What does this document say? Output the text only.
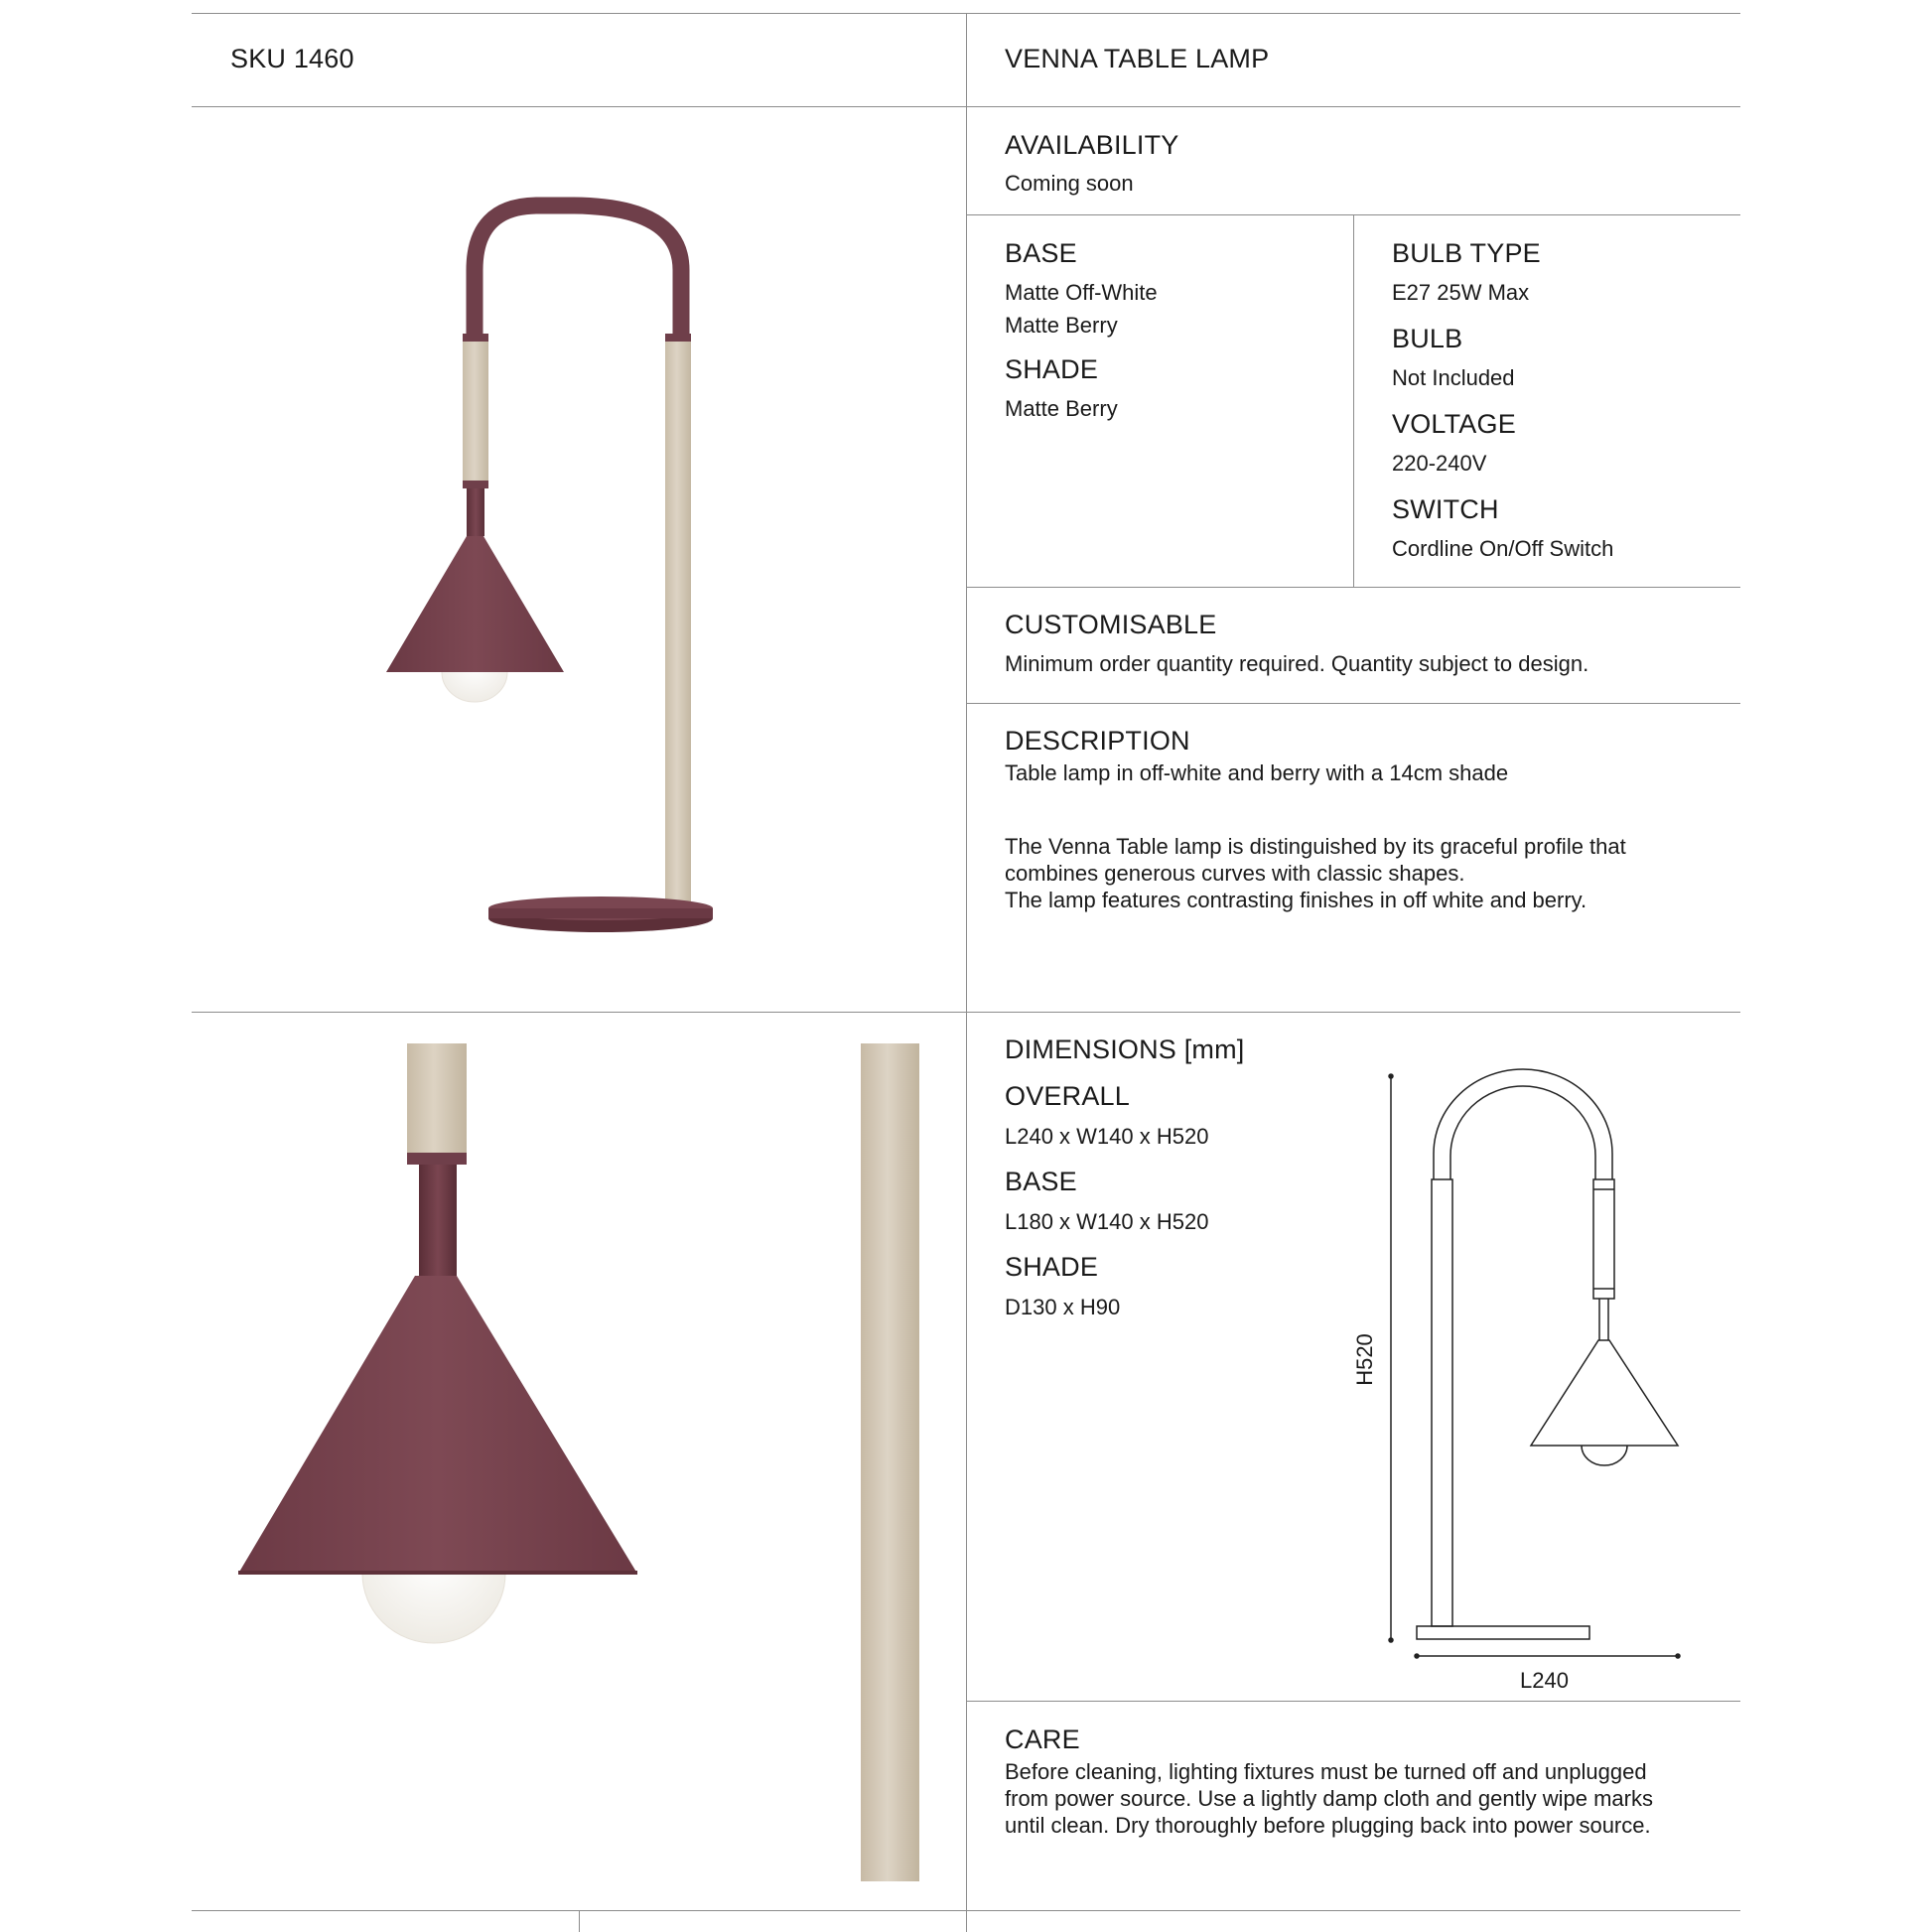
SKU 1460	VENNA TABLE LAMP
AVAILABILITY
Coming soon
BASE
Matte Off-White
Matte Berry
SHADE
Matte Berry
BULB TYPE
E27 25W Max
BULB
Not Included
VOLTAGE
220-240V
SWITCH
Cordline On/Off Switch
CUSTOMISABLE
Minimum order quantity required. Quantity subject to design.
DESCRIPTION
Table lamp in off-white and berry with a 14cm shade
The Venna Table lamp is distinguished by its graceful profile that
combines generous curves with classic shapes.
The lamp features contrasting finishes in off white and berry.
DIMENSIONS [mm]
OVERALL
L240 x W140 x H520
BASE
L180 x W140 x H520
SHADE
D130 x H90
H520
L240
CARE
Before cleaning, lighting fixtures must be turned off and unplugged
from power source. Use a lightly damp cloth and gently wipe marks
until clean. Dry thoroughly before plugging back into power source.
